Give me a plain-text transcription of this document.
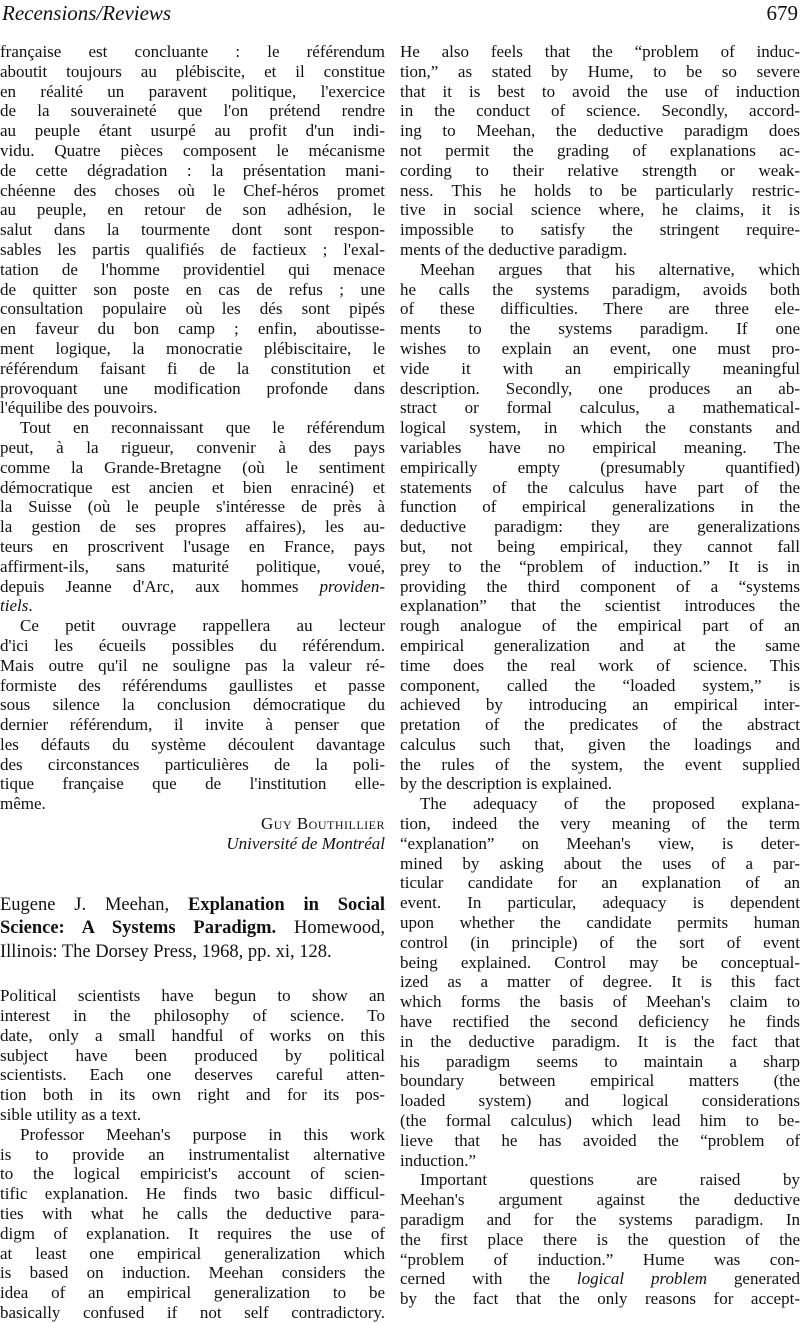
Recensions/Reviews	679
française est concluante : le référendum
aboutit toujours au plébiscite, et il constitue
en réalité un paravent politique, l'exercice
de la souveraineté que l'on prétend rendre
au peuple étant usurpé au profit d'un indi-
vidu. Quatre pièces composent le mécanisme
de cette dégradation : la présentation mani-
chéenne des choses où le Chef-héros promet
au peuple, en retour de son adhésion, le
salut dans la tourmente dont sont respon-
sables les partis qualifiés de factieux ; l'exal-
tation de l'homme providentiel qui menace
de quitter son poste en cas de refus ; une
consultation populaire où les dés sont pipés
en faveur du bon camp ; enfin, aboutisse-
ment logique, la monocratie plébiscitaire, le
référendum faisant fi de la constitution et
provoquant une modification profonde dans
l'équilibe des pouvoirs.
Tout en reconnaissant que le référendum
peut, à la rigueur, convenir à des pays
comme la Grande-Bretagne (où le sentiment
démocratique est ancien et bien enraciné) et
la Suisse (où le peuple s'intéresse de près à
la gestion de ses propres affaires), les au-
teurs en proscrivent l'usage en France, pays
affirment-ils, sans maturité politique, voué,
depuis Jeanne d'Arc, aux hommes providen-
tiels.
Ce petit ouvrage rappellera au lecteur
d'ici les écueils possibles du référendum.
Mais outre qu'il ne souligne pas la valeur ré-
formiste des référendums gaullistes et passe
sous silence la conclusion démocratique du
dernier référendum, il invite à penser que
les défauts du système découlent davantage
des circonstances particulières de la poli-
tique française que de l'institution elle-
même.
Guy Bouthillier
Université de Montréal
Eugene J. Meehan, Explanation in Social
Science: A Systems Paradigm. Homewood,
Illinois: The Dorsey Press, 1968, pp. xi, 128.
Political scientists have begun to show an
interest in the philosophy of science. To
date, only a small handful of works on this
subject have been produced by political
scientists. Each one deserves careful atten-
tion both in its own right and for its pos-
sible utility as a text.
Professor Meehan's purpose in this work
is to provide an instrumentalist alternative
to the logical empiricist's account of scien-
tific explanation. He finds two basic difficul-
ties with what he calls the deductive para-
digm of explanation. It requires the use of
at least one empirical generalization which
is based on induction. Meehan considers the
idea of an empirical generalization to be
basically confused if not self contradictory.
He also feels that the “problem of induc-
tion,” as stated by Hume, to be so severe
that it is best to avoid the use of induction
in the conduct of science. Secondly, accord-
ing to Meehan, the deductive paradigm does
not permit the grading of explanations ac-
cording to their relative strength or weak-
ness. This he holds to be particularly restric-
tive in social science where, he claims, it is
impossible to satisfy the stringent require-
ments of the deductive paradigm.
Meehan argues that his alternative, which
he calls the systems paradigm, avoids both
of these difficulties. There are three ele-
ments to the systems paradigm. If one
wishes to explain an event, one must pro-
vide it with an empirically meaningful
description. Secondly, one produces an ab-
stract or formal calculus, a mathematical-
logical system, in which the constants and
variables have no empirical meaning. The
empirically empty (presumably quantified)
statements of the calculus have part of the
function of empirical generalizations in the
deductive paradigm: they are generalizations
but, not being empirical, they cannot fall
prey to the “problem of induction.” It is in
providing the third component of a “systems
explanation” that the scientist introduces the
rough analogue of the empirical part of an
empirical generalization and at the same
time does the real work of science. This
component, called the “loaded system,” is
achieved by introducing an empirical inter-
pretation of the predicates of the abstract
calculus such that, given the loadings and
the rules of the system, the event supplied
by the description is explained.
The adequacy of the proposed explana-
tion, indeed the very meaning of the term
“explanation” on Meehan's view, is deter-
mined by asking about the uses of a par-
ticular candidate for an explanation of an
event. In particular, adequacy is dependent
upon whether the candidate permits human
control (in principle) of the sort of event
being explained. Control may be conceptual-
ized as a matter of degree. It is this fact
which forms the basis of Meehan's claim to
have rectified the second deficiency he finds
in the deductive paradigm. It is the fact that
his paradigm seems to maintain a sharp
boundary between empirical matters (the
loaded system) and logical considerations
(the formal calculus) which lead him to be-
lieve that he has avoided the “problem of
induction.”
Important questions are raised by
Meehan's argument against the deductive
paradigm and for the systems paradigm. In
the first place there is the question of the
“problem of induction.” Hume was con-
cerned with the logical problem generated
by the fact that the only reasons for accept-
